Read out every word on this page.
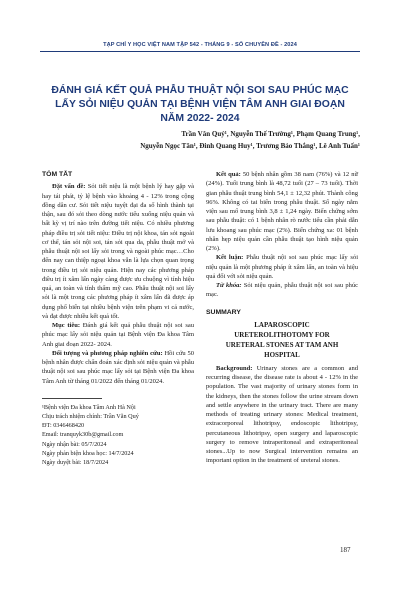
TẠP CHÍ Y HỌC VIỆT NAM TẬP 542 - THÁNG 9 - SỐ CHUYÊN ĐỀ - 2024
ĐÁNH GIÁ KẾT QUẢ PHẪU THUẬT NỘI SOI SAU PHÚC MẠC LẤY SỎI NIỆU QUẢN TẠI BỆNH VIỆN TÂM ANH GIAI ĐOẠN NĂM 2022- 2024
Trần Văn Quý¹, Nguyễn Thế Trường¹, Phạm Quang Trung¹,
Nguyễn Ngọc Tân¹, Đinh Quang Huy¹, Trương Bảo Thắng¹, Lê Anh Tuấn¹
TÓM TẮT

Đặt vấn đề: Sỏi tiết niệu là một bệnh lý hay gặp và hay tái phát, tỷ lệ bệnh vào khoảng 4 - 12% trong cộng đồng dân cư. Sỏi tiết niệu tuyệt đại đa số hình thành tại thận, sau đó sỏi theo dòng nước tiểu xuống niệu quản và bất kỳ vị trí nào trên đường tiết niệu. Có nhiều phương pháp điều trị sỏi tiết niệu: Điều trị nội khoa, tán sỏi ngoài cơ thể, tán sỏi nội soi, tán sỏi qua da, phẫu thuật mở và phẫu thuật nội soi lấy sỏi trong và ngoài phúc mạc…Cho đến nay can thiệp ngoại khoa vẫn là lựa chọn quan trọng trong điều trị sỏi niệu quản. Hiện nay các phương pháp điều trị ít xâm lấn ngày càng được ưu chuộng vì tính hiệu quả, an toàn và tính thẩm mỹ cao. Phẫu thuật nội soi lấy sỏi là một trong các phương pháp ít xâm lấn đã được áp dụng phổ biến tại nhiều bệnh viện trên phạm vi cả nước, và đạt được nhiều kết quả tốt.

Mục tiêu: Đánh giá kết quả phẫu thuật nội soi sau phúc mạc lấy sỏi niệu quản tại Bệnh viện Đa khoa Tâm Anh giai đoạn 2022- 2024.

Đối tượng và phương pháp nghiên cứu: Hồi cứu 50 bệnh nhân được chẩn đoán xác định sỏi niệu quản và phẫu thuật nội soi sau phúc mạc lấy sỏi tại Bệnh viện Đa khoa Tâm Anh từ tháng 01/2022 đến tháng 01/2024.

¹Bệnh viện Đa khoa Tâm Anh Hà Nội

Chịu trách nhiệm chính: Trần Văn Quý

ĐT: 0346468420

Email: tranquyk30b@gmail.com

Ngày nhận bài: 05/7/2024

Ngày phản biện khoa học: 14/7/2024

Ngày duyệt bài: 18/7/2024

Kết quả: 50 bệnh nhân gồm 38 nam (76%) và 12 nữ (24%). Tuổi trung bình là 48,72 tuổi (27 – 73 tuổi). Thời gian phẫu thuật trung bình 54,1 ± 12,32 phút. Thành công 96%. Không có tai biến trong phẫu thuật. Số ngày nằm viện sau mổ trung bình 3,8 ± 1,24 ngày. Biến chứng sớm sau phẫu thuật: có 1 bệnh nhân rò nước tiểu cần phải dẫn lưu khoang sau phúc mạc (2%). Biến chứng xa: 01 bệnh nhân hẹp niệu quản cần phẫu thuật tạo hình niệu quản (2%).

Kết luận: Phẫu thuật nội soi sau phúc mạc lấy sỏi niệu quản là một phương pháp ít xâm lấn, an toàn và hiệu quả đối với sỏi niệu quản.

Từ khóa: Sỏi niệu quản, phẫu thuật nội soi sau phúc mạc.

SUMMARY
LAPAROSCOPIC
URETEROLITHOTOMY FOR
URETERAL STONES AT TAM ANH
HOSPITAL

Background: Urinary stones are a common and recurring disease, the disease rate is about 4 - 12% in the population. The vast majority of urinary stones form in the kidneys, then the stones follow the urine stream down and settle anywhere in the urinary tract. There are many methods of treating urinary stones: Medical treatment, extracorporeal lithotripsy, endoscopic lithotripsy, percutaneous lithotripsy, open surgery and laparoscopic surgery to remove intraperitoneal and extraperitoneal stones...Up to now Surgical intervention remains an important option in the treatment of ureteral stones.

187
